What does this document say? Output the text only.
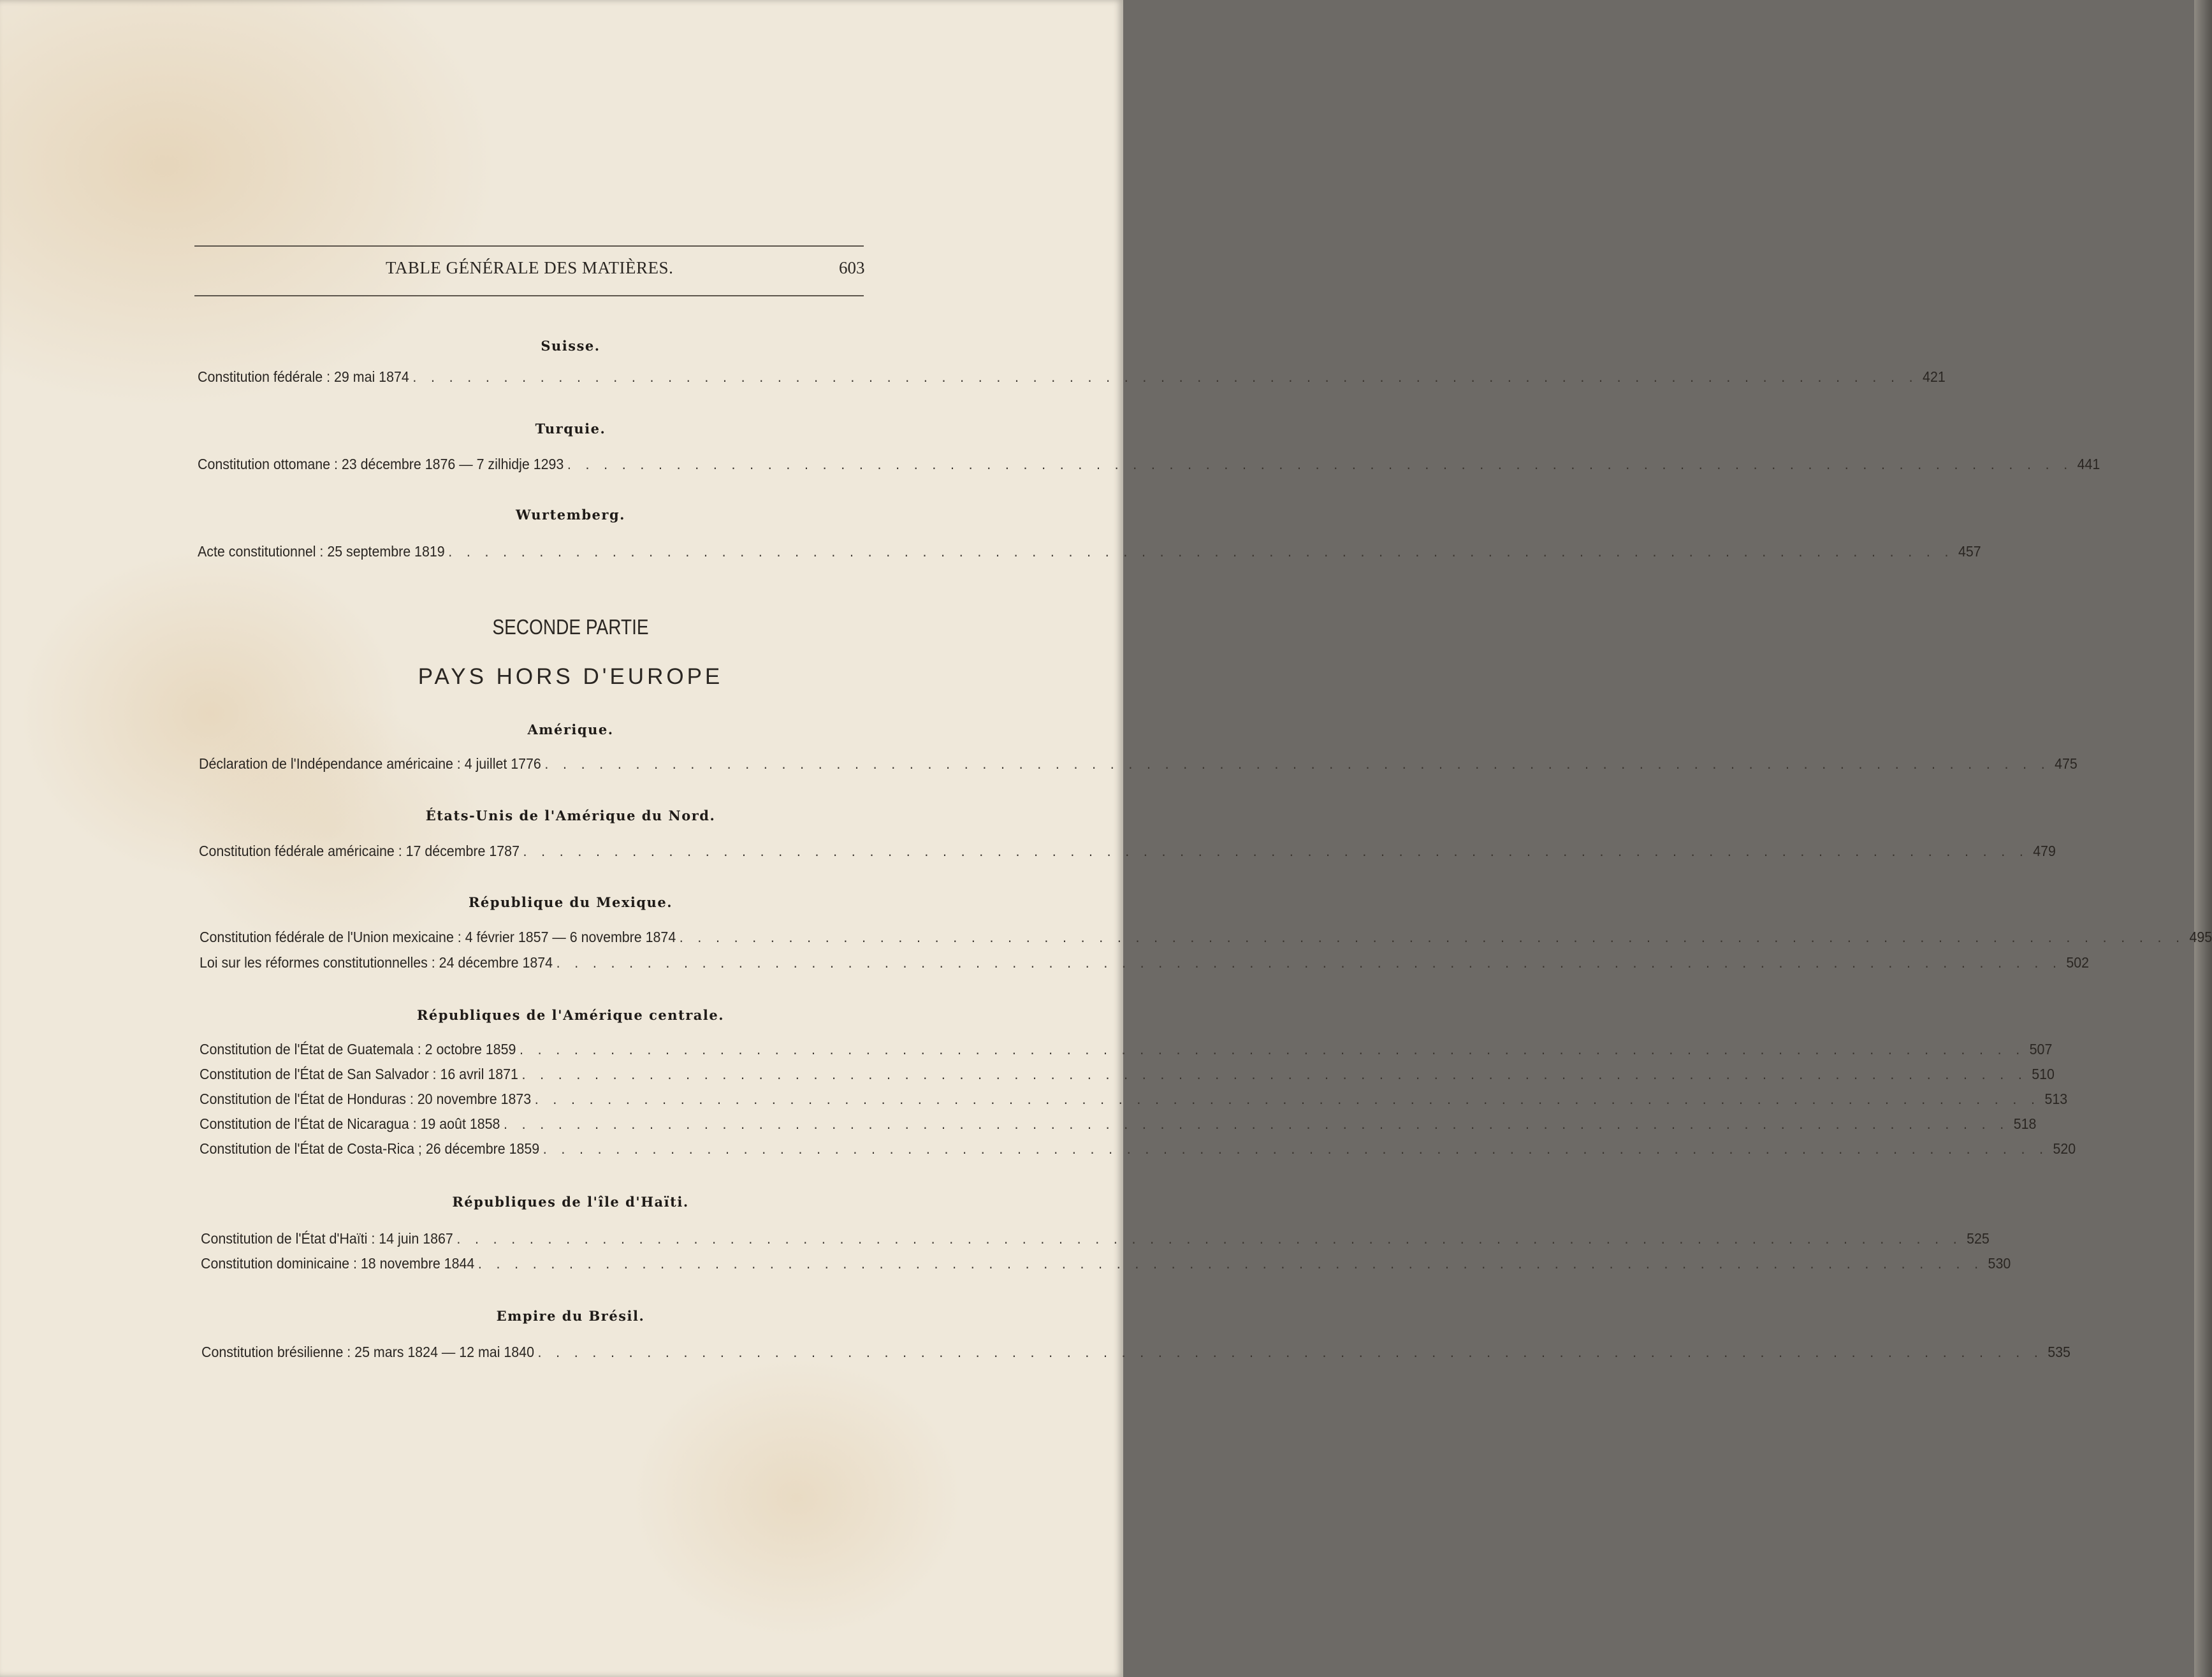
TABLE GÉNÉRALE DES MATIÈRES.	603
Suisse.
Constitution fédérale : 29 mai 1874 . . . . . . . . . . . . . . . . . . . . . . . . . . . . . . . . . . . . . . . . . . . . . . . . . . . . . . . . . . . . . . . . . . . . . . . . . . . . . . . . . . . 421
Turquie.
Constitution ottomane : 23 décembre 1876 — 7 zilhidje 1293 . . . . . . . . . . . . . . . . . . . . . . . . . . . . . . . . . . . . . . . . . . . . . . . . . . . . . . . . . . . . . . . . . . . . . . . . . . . . . . . . . . . 441
Wurtemberg.
Acte constitutionnel : 25 septembre 1819 . . . . . . . . . . . . . . . . . . . . . . . . . . . . . . . . . . . . . . . . . . . . . . . . . . . . . . . . . . . . . . . . . . . . . . . . . . . . . . . . . . . 457
SECONDE PARTIE
PAYS HORS D'EUROPE
Amérique.
Déclaration de l'Indépendance américaine : 4 juillet 1776 . . . . . . . . . . . . . . . . . . . . . . . . . . . . . . . . . . . . . . . . . . . . . . . . . . . . . . . . . . . . . . . . . . . . . . . . . . . . . . . . . . . 475
États-Unis de l'Amérique du Nord.
Constitution fédérale américaine : 17 décembre 1787 . . . . . . . . . . . . . . . . . . . . . . . . . . . . . . . . . . . . . . . . . . . . . . . . . . . . . . . . . . . . . . . . . . . . . . . . . . . . . . . . . . . 479
République du Mexique.
Constitution fédérale de l'Union mexicaine : 4 février 1857 — 6 novembre 1874 . . . . . . . . . . . . . . . . . . . . . . . . . . . . . . . . . . . . . . . . . . . . . . . . . . . . . . . . . . . . . . . . . . . . . . . . . . . . . . . . . . . 495
Loi sur les réformes constitutionnelles : 24 décembre 1874 . . . . . . . . . . . . . . . . . . . . . . . . . . . . . . . . . . . . . . . . . . . . . . . . . . . . . . . . . . . . . . . . . . . . . . . . . . . . . . . . . . . 502
Républiques de l'Amérique centrale.
Constitution de l'État de Guatemala : 2 octobre 1859 . . . . . . . . . . . . . . . . . . . . . . . . . . . . . . . . . . . . . . . . . . . . . . . . . . . . . . . . . . . . . . . . . . . . . . . . . . . . . . . . . . . 507
Constitution de l'État de San Salvador : 16 avril 1871 . . . . . . . . . . . . . . . . . . . . . . . . . . . . . . . . . . . . . . . . . . . . . . . . . . . . . . . . . . . . . . . . . . . . . . . . . . . . . . . . . . . 510
Constitution de l'État de Honduras : 20 novembre 1873 . . . . . . . . . . . . . . . . . . . . . . . . . . . . . . . . . . . . . . . . . . . . . . . . . . . . . . . . . . . . . . . . . . . . . . . . . . . . . . . . . . . 513
Constitution de l'État de Nicaragua : 19 août 1858 . . . . . . . . . . . . . . . . . . . . . . . . . . . . . . . . . . . . . . . . . . . . . . . . . . . . . . . . . . . . . . . . . . . . . . . . . . . . . . . . . . . 518
Constitution de l'État de Costa-Rica ; 26 décembre 1859 . . . . . . . . . . . . . . . . . . . . . . . . . . . . . . . . . . . . . . . . . . . . . . . . . . . . . . . . . . . . . . . . . . . . . . . . . . . . . . . . . . . 520
Républiques de l'île d'Haïti.
Constitution de l'État d'Haïti : 14 juin 1867 . . . . . . . . . . . . . . . . . . . . . . . . . . . . . . . . . . . . . . . . . . . . . . . . . . . . . . . . . . . . . . . . . . . . . . . . . . . . . . . . . . . 525
Constitution dominicaine : 18 novembre 1844 . . . . . . . . . . . . . . . . . . . . . . . . . . . . . . . . . . . . . . . . . . . . . . . . . . . . . . . . . . . . . . . . . . . . . . . . . . . . . . . . . . . 530
Empire du Brésil.
Constitution brésilienne : 25 mars 1824 — 12 mai 1840 . . . . . . . . . . . . . . . . . . . . . . . . . . . . . . . . . . . . . . . . . . . . . . . . . . . . . . . . . . . . . . . . . . . . . . . . . . . . . . . . . . . 535
